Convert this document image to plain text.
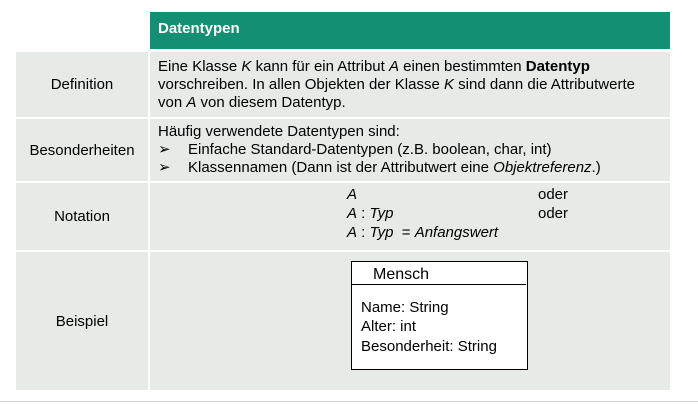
Datentypen
Definition
Eine Klasse K kann für ein Attribut A einen bestimmten Datentyp
vorschreiben. In allen Objekten der Klasse K sind dann die Attributwerte
von A von diesem Datentyp.
Besonderheiten
Häufig verwendete Datentypen sind:
➢ Einfache Standard-Datentypen (z.B. boolean, char, int)
➢ Klassennamen (Dann ist der Attributwert eine Objektreferenz.)
Notation
A	oder
A : Typ	oder
A : Typ  = Anfangswert
Beispiel
Mensch
Name: String
Alter: int
Besonderheit: String
